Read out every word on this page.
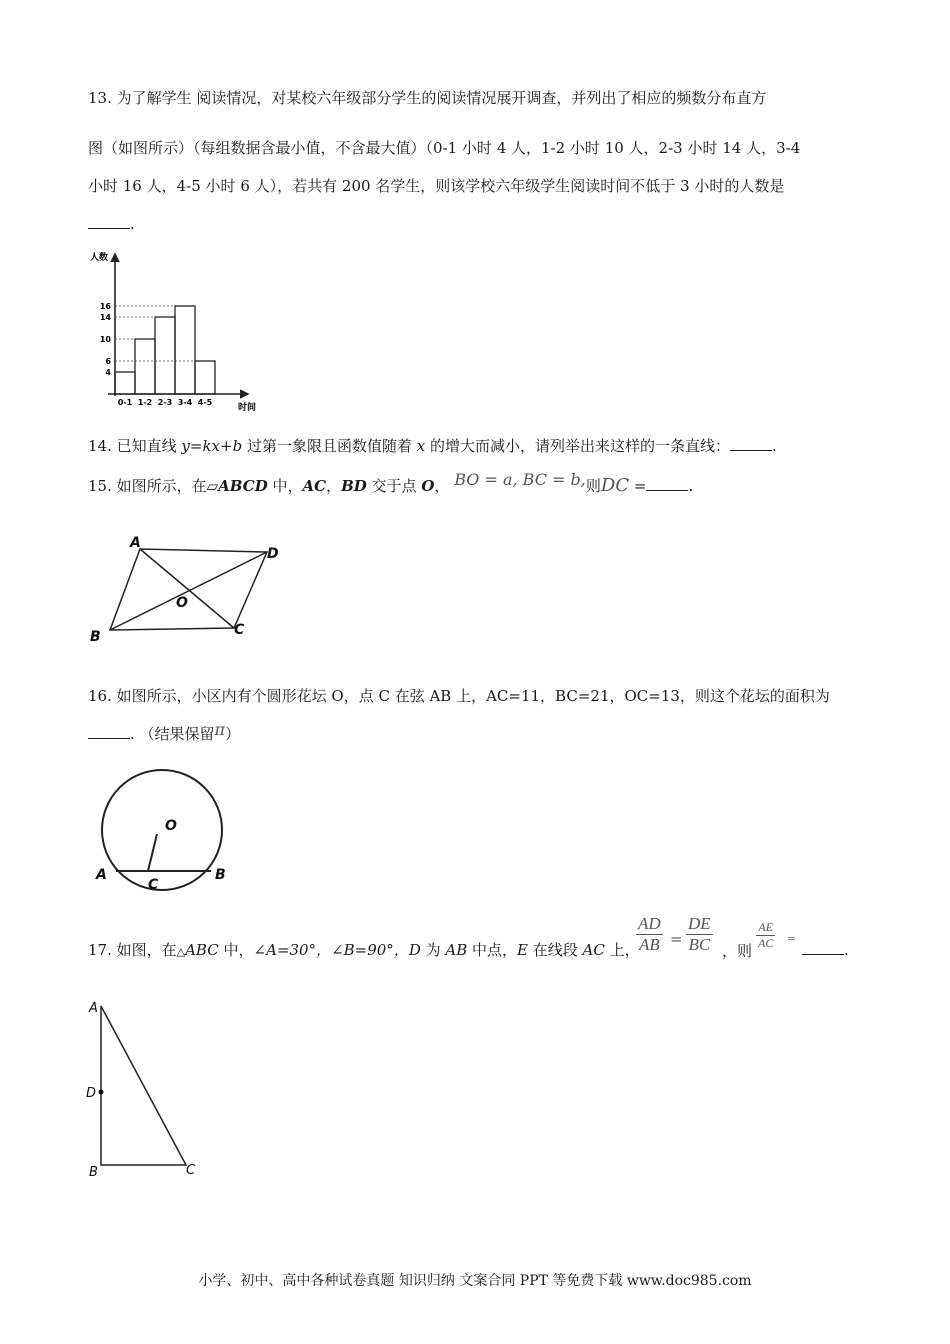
13. 为了解学生 阅读情况，对某校六年级部分学生的阅读情况展开调查，并列出了相应的频数分布直方
图（如图所示）（每组数据含最小值，不含最大值）（0-1 小时 4 人，1-2 小时 10 人，2-3 小时 14 人，3-4
小时 16 人，4-5 小时 6 人），若共有 200 名学生，则该学校六年级学生阅读时间不低于 3 小时的人数是
.
人数
时间
4
6
10
14
16
0-1 1-2 2-3 3-4 4-5
14. 已知直线 y=kx+b 过第一象限且函数值随着 x 的增大而减小，请列举出来这样的一条直线：	.
15. 如图所示，在▱ABCD 中，AC，BD 交于点 O， BO = a, BC = b,则DC =	.
A
D
O
B	C
16. 如图所示，小区内有个圆形花坛 O，点 C 在弦 AB 上，AC=11，BC=21，OC=13，则这个花坛的面积为
. （结果保留π）
O
A
C
B
17. 如图，在△ABC 中，∠A=30°，∠B=90°，D 为 AB 中点，E 在线段 AC 上，
$\frac{AD}{AB} = \frac{DE}{BC}$ ，则 $\frac{AE}{AC}$ =
.
A
D
B	C
小学、初中、高中各种试卷真题 知识归纳 文案合同 PPT 等免费下载 www.doc985.com
